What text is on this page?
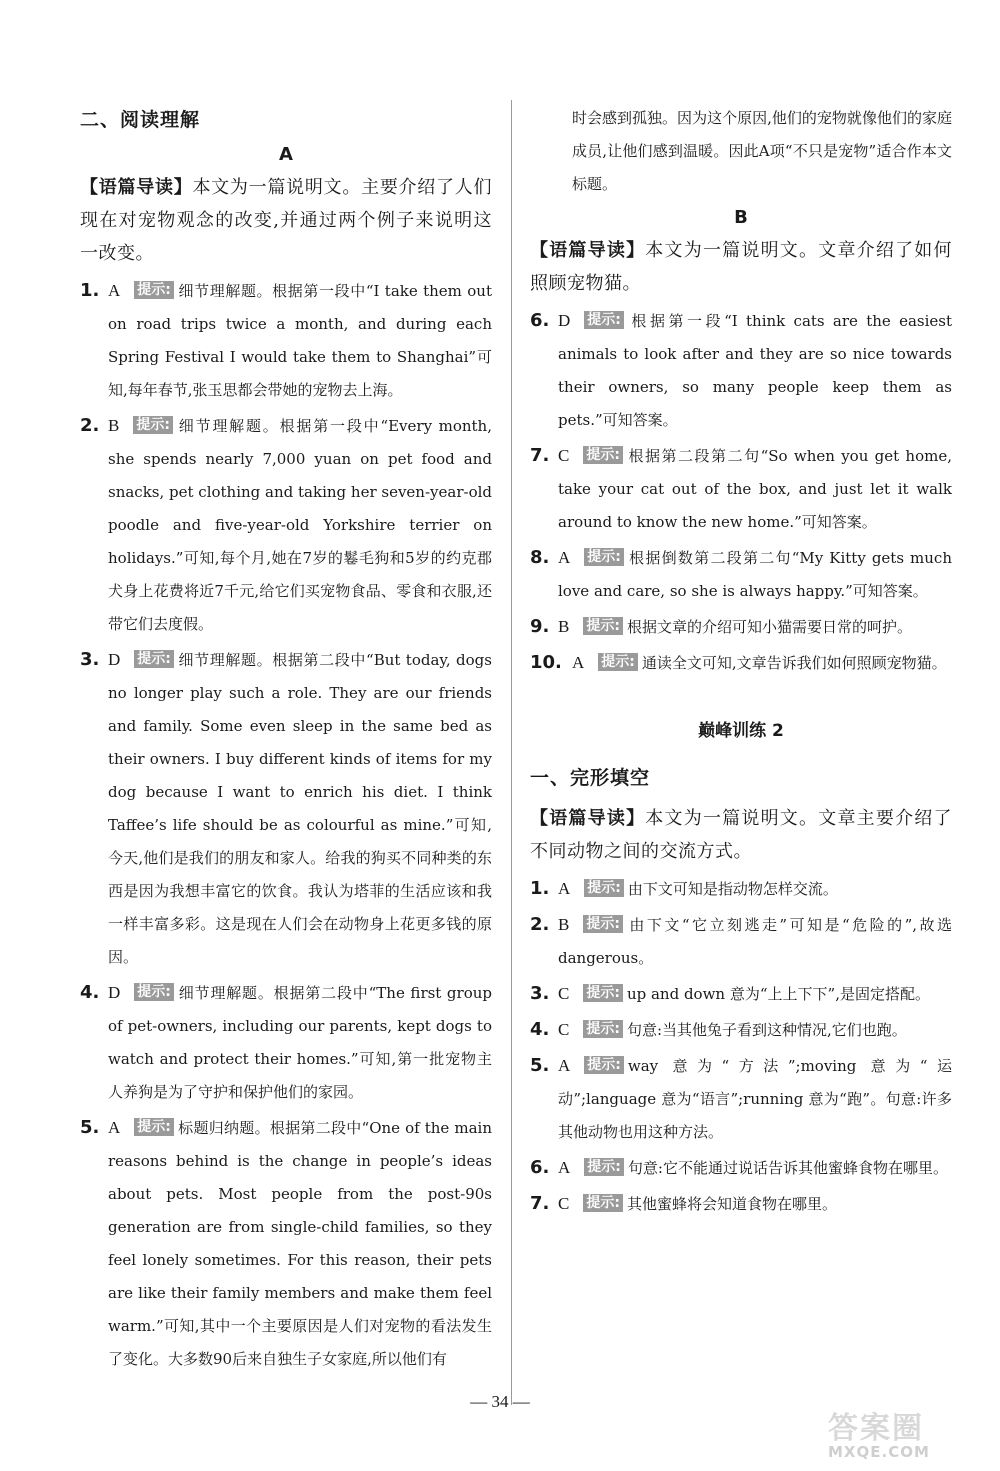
二、阅读理解
A
【语篇导读】本文为一篇说明文。主要介绍了人们现在对宠物观念的改变,并通过两个例子来说明这一改变。
1. A 提示: 细节理解题。根据第一段中“I take them out on road trips twice a month, and during each Spring Festival I would take them to Shanghai”可知,每年春节,张玉思都会带她的宠物去上海。
2. B 提示: 细节理解题。根据第一段中“Every month, she spends nearly 7,000 yuan on pet food and snacks, pet clothing and taking her seven-year-old poodle and five-year-old Yorkshire terrier on holidays.”可知,每个月,她在7岁的鬈毛狗和5岁的约克郡犬身上花费将近7千元,给它们买宠物食品、零食和衣服,还带它们去度假。
3. D 提示: 细节理解题。根据第二段中“But today, dogs no longer play such a role. They are our friends and family. Some even sleep in the same bed as their owners. I buy different kinds of items for my dog because I want to enrich his diet. I think Taffee’s life should be as colourful as mine.”可知,今天,他们是我们的朋友和家人。给我的狗买不同种类的东西是因为我想丰富它的饮食。我认为塔菲的生活应该和我一样丰富多彩。这是现在人们会在动物身上花更多钱的原因。
4. D 提示: 细节理解题。根据第二段中“The first group of pet-owners, including our parents, kept dogs to watch and protect their homes.”可知,第一批宠物主人养狗是为了守护和保护他们的家园。
5. A 提示: 标题归纳题。根据第二段中“One of the main reasons behind is the change in people’s ideas about pets. Most people from the post-90s generation are from single-child families, so they feel lonely sometimes. For this reason, their pets are like their family members and make them feel warm.”可知,其中一个主要原因是人们对宠物的看法发生了变化。大多数90后来自独生子女家庭,所以他们有
时会感到孤独。因为这个原因,他们的宠物就像他们的家庭成员,让他们感到温暖。因此A项“不只是宠物”适合作本文标题。
B
【语篇导读】本文为一篇说明文。文章介绍了如何照顾宠物猫。
6. D 提示: 根据第一段“I think cats are the easiest animals to look after and they are so nice towards their owners, so many people keep them as pets.”可知答案。
7. C 提示: 根据第二段第二句“So when you get home, take your cat out of the box, and just let it walk around to know the new home.”可知答案。
8. A 提示: 根据倒数第二段第二句“My Kitty gets much love and care, so she is always happy.”可知答案。
9. B 提示: 根据文章的介绍可知小猫需要日常的呵护。
10. A 提示: 通读全文可知,文章告诉我们如何照顾宠物猫。
巅峰训练 2
一、完形填空
【语篇导读】本文为一篇说明文。文章主要介绍了不同动物之间的交流方式。
1. A 提示: 由下文可知是指动物怎样交流。
2. B 提示: 由下文“它立刻逃走”可知是“危险的”,故选 dangerous。
3. C 提示: up and down 意为“上上下下”,是固定搭配。
4. C 提示: 句意:当其他兔子看到这种情况,它们也跑。
5. A 提示: way 意为“方法”;moving 意为“运动”;language 意为“语言”;running 意为“跑”。句意:许多其他动物也用这种方法。
6. A 提示: 句意:它不能通过说话告诉其他蜜蜂食物在哪里。
7. C 提示: 其他蜜蜂将会知道食物在哪里。
— 34 —
答案圈
MXQE.COM
